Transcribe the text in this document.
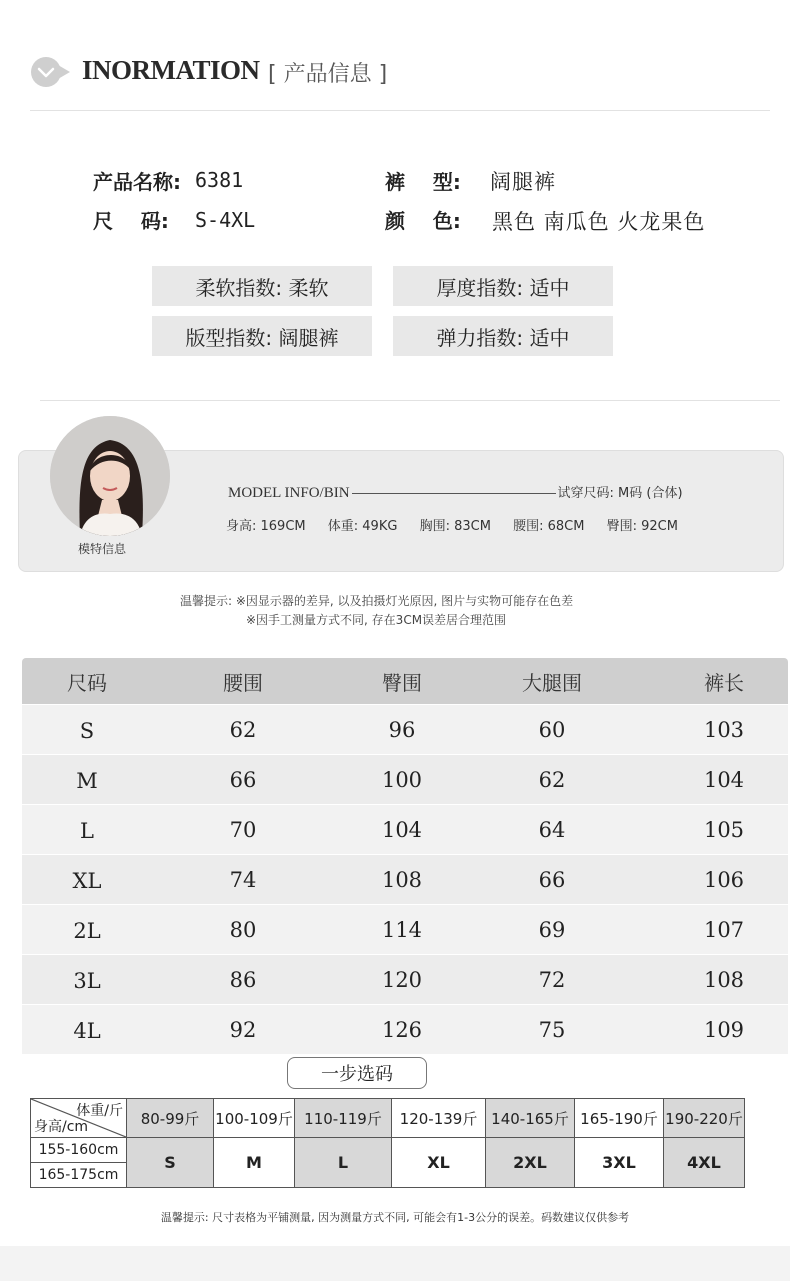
INORMATION [ 产品信息 ]
产品名称: 6381	裤    型: 阔腿裤
尺    码: S-4XL	颜    色: 黑色 南瓜色 火龙果色
柔软指数: 柔软	厚度指数: 适中
版型指数: 阔腿裤	弹力指数: 适中
模特信息
MODEL INFO/BIN	试穿尺码: M码 (合体)
身高: 169CM 体重: 49KG 胸围: 83CM 腰围: 68CM 臀围: 92CM
温馨提示: ※因显示器的差异, 以及拍摄灯光原因, 图片与实物可能存在色差
※因手工测量方式不同, 存在3CM误差居合理范围
尺码	腰围	臀围	大腿围	裤长
S	62	96	60	103
M	66	100	62	104
L	70	104	64	105
XL	74	108	66	106
2L	80	114	69	107
3L	86	120	72	108
4L	92	126	75	109
一步选码
体重/斤
身高/cm	80-99斤	100-109斤	110-119斤	120-139斤	140-165斤	165-190斤	190-220斤
155-160cm	S	M	L	XL	2XL	3XL	4XL
165-175cm							
温馨提示: 尺寸表格为平铺测量, 因为测量方式不同, 可能会有1-3公分的误差。码数建议仅供参考
